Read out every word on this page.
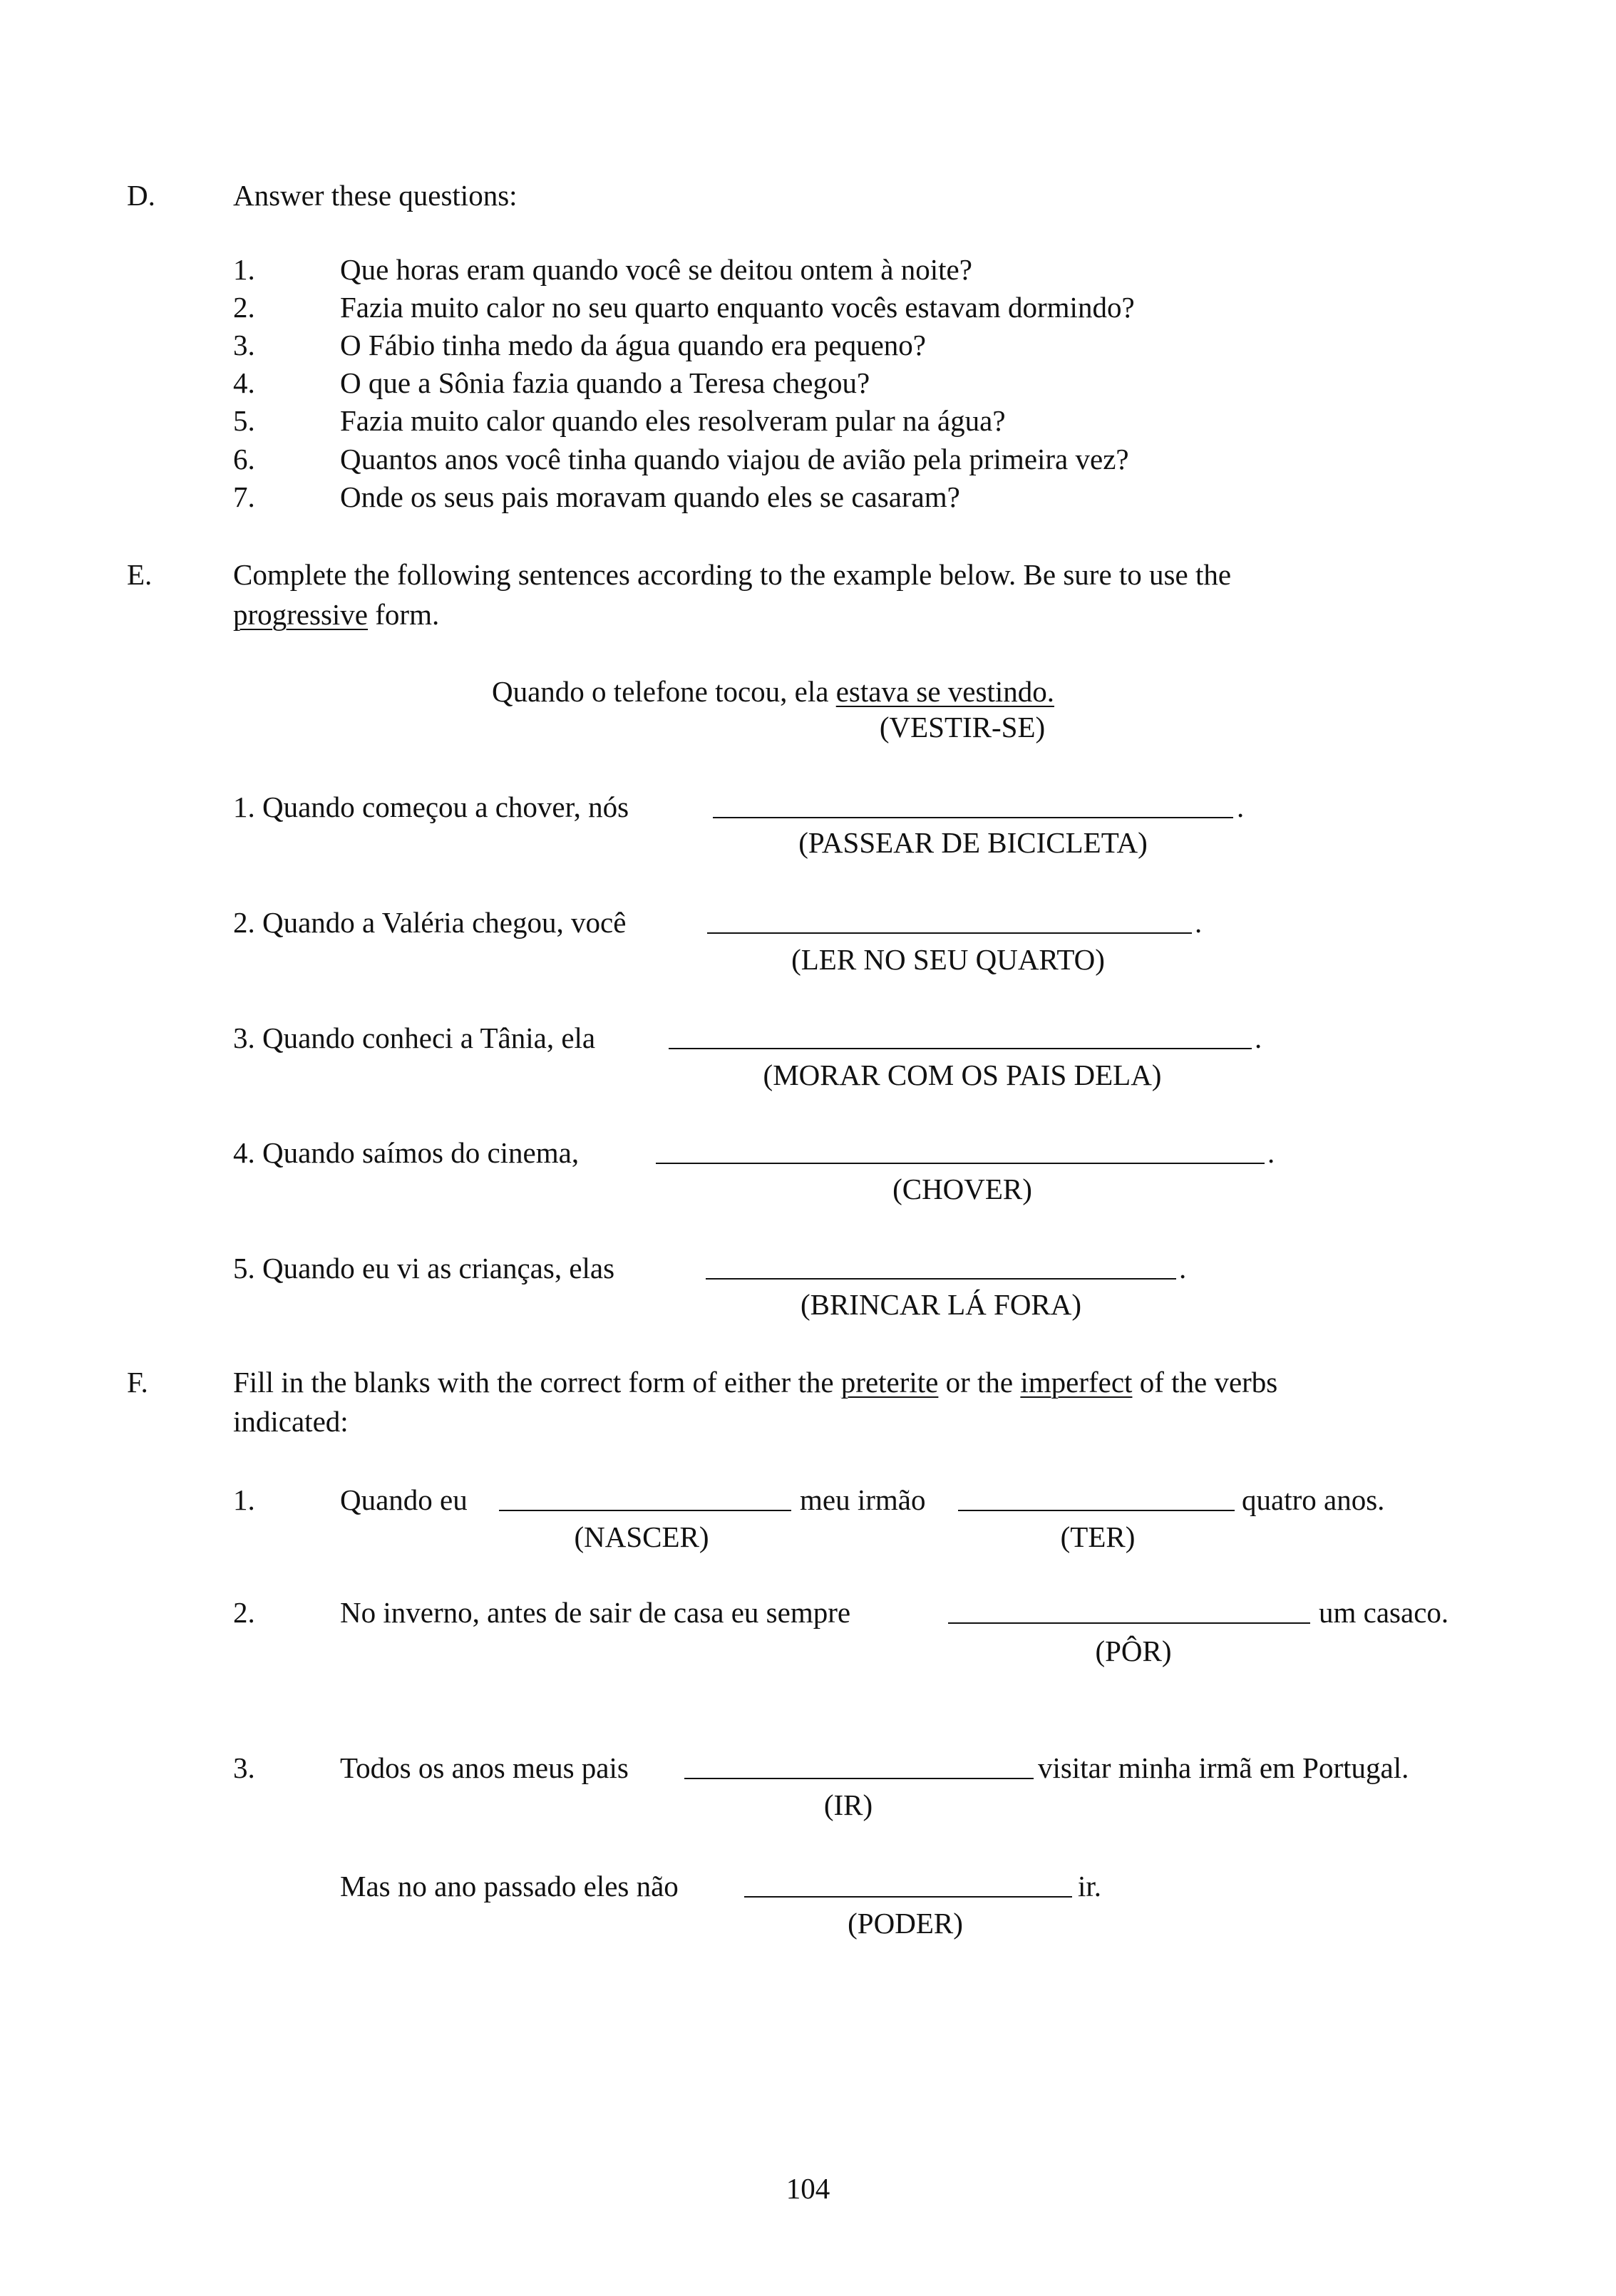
D.	Answer these questions:
1.	Que horas eram quando você se deitou ontem à noite?
2.	Fazia muito calor no seu quarto enquanto vocês estavam dormindo?
3.	O Fábio tinha medo da água quando era pequeno?
4.	O que a Sônia fazia quando a Teresa chegou?
5.	Fazia muito calor quando eles resolveram pular na água?
6.	Quantos anos você tinha quando viajou de avião pela primeira vez?
7.	Onde os seus pais moravam quando eles se casaram?
E.	Complete the following sentences according to the example below. Be sure to use the
progressive form.
Quando o telefone tocou, ela estava se vestindo.
(VESTIR-SE)
1. Quando começou a chover, nós	.
(PASSEAR DE BICICLETA)
2. Quando a Valéria chegou, você	.
(LER NO SEU QUARTO)
3. Quando conheci a Tânia, ela	.
(MORAR COM OS PAIS DELA)
4. Quando saímos do cinema,	.
(CHOVER)
5. Quando eu vi as crianças, elas	.
(BRINCAR LÁ FORA)
F.	Fill in the blanks with the correct form of either the preterite or the imperfect of the verbs
indicated:
1.	Quando eu	meu irmão	quatro anos.
(NASCER)	(TER)
2.	No inverno, antes de sair de casa eu sempre	um casaco.
(PÔR)
3.	Todos os anos meus pais	visitar minha irmã em Portugal.
(IR)
Mas no ano passado eles não	ir.
(PODER)
104
